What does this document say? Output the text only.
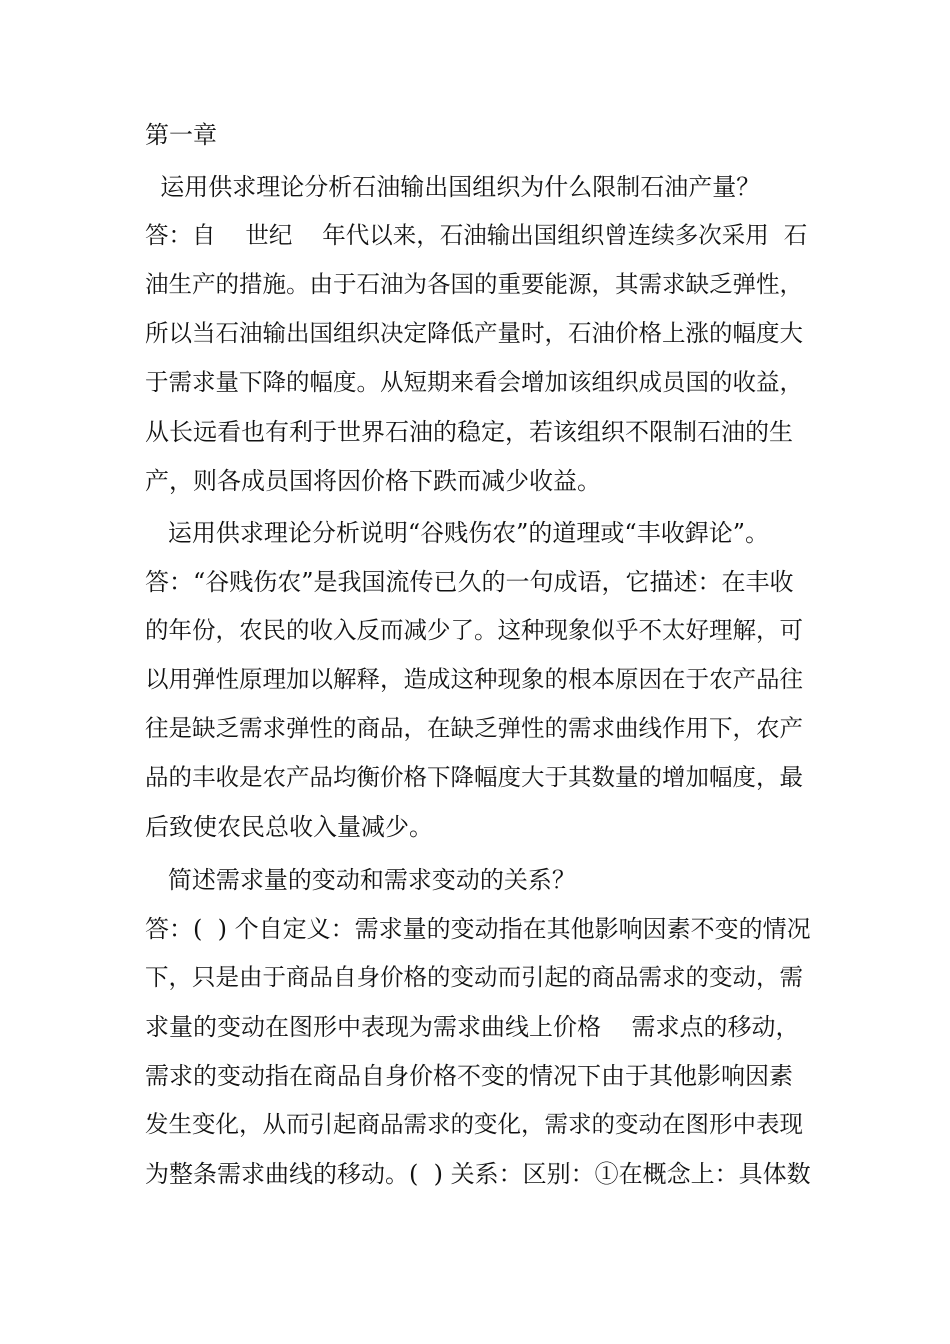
第一章

运用供求理论分析石油输出国组织为什么限制石油产量？

答：自    世纪    年代以来，石油输出国组织曾连续多次采用  石

油生产的措施。由于石油为各国的重要能源，其需求缺乏弹性，

所以当石油输出国组织决定降低产量时，石油价格上涨的幅度大

于需求量下降的幅度。从短期来看会增加该组织成员国的收益，

从长远看也有利于世界石油的稳定，若该组织不限制石油的生

产，则各成员国将因价格下跌而减少收益。

运用供求理论分析说明“谷贱伤农”的道理或“丰收銲论”。

答：“谷贱伤农”是我国流传已久的一句成语，它描述：在丰收

的年份，农民的收入反而减少了。这种现象似乎不太好理解，可

以用弹性原理加以解释，造成这种现象的根本原因在于农产品往

往是缺乏需求弹性的商品，在缺乏弹性的需求曲线作用下，农产

品的丰收是农产品均衡价格下降幅度大于其数量的增加幅度，最

后致使农民总收入量减少。

简述需求量的变动和需求变动的关系？

答：(  ) 个自定义：需求量的变动指在其他影响因素不变的情况

下，只是由于商品自身价格的变动而引起的商品需求的变动，需

求量的变动在图形中表现为需求曲线上价格    需求点的移动，

需求的变动指在商品自身价格不变的情况下由于其他影响因素

发生变化，从而引起商品需求的变化，需求的变动在图形中表现

为整条需求曲线的移动。(  ) 关系：区别：①在概念上：具体数
